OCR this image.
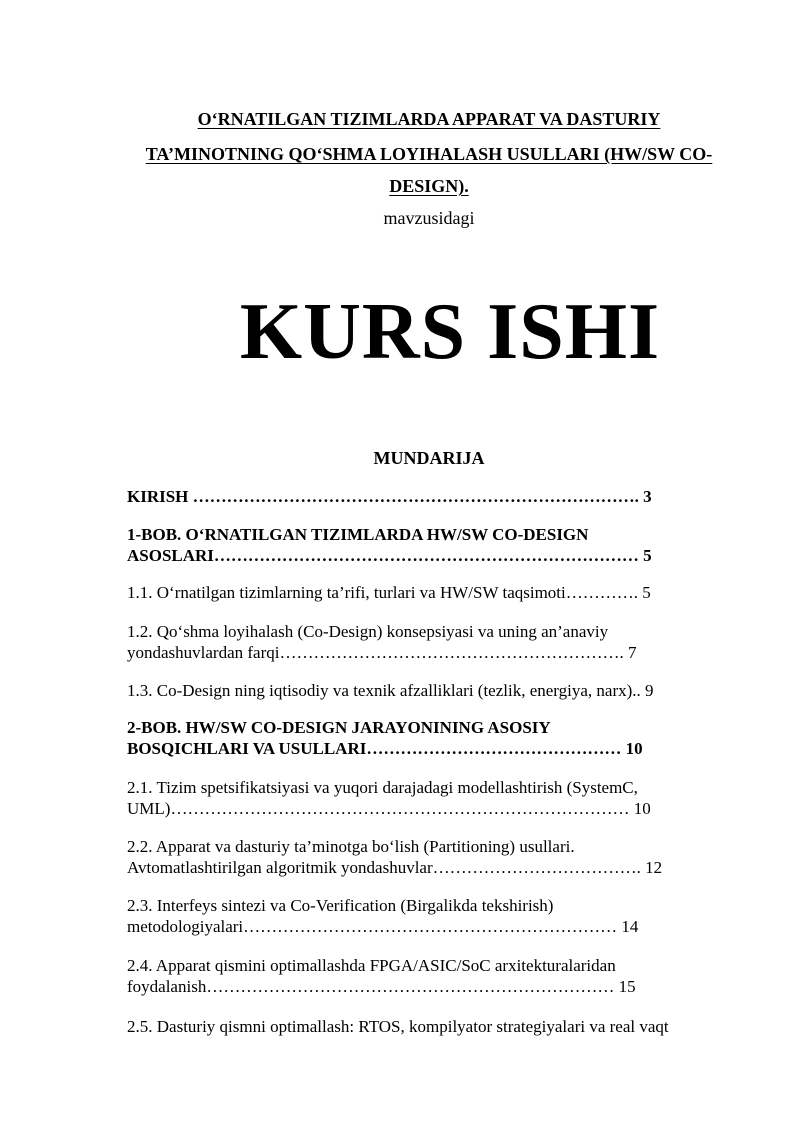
O‘RNATILGAN TIZIMLARDA APPARAT VA DASTURIY
TA’MINOTNING QO‘SHMA LOYIHALASH USULLARI (HW/SW CO-
DESIGN).
mavzusidagi
KURS ISHI
MUNDARIJA
KIRISH ……………………………………………………………………. 3
1-BOB. O‘RNATILGAN TIZIMLARDA HW/SW CO-DESIGN
ASOSLARI………………………………………………………………… 5
1.1. O‘rnatilgan tizimlarning ta’rifi, turlari va HW/SW taqsimoti…………. 5
1.2. Qo‘shma loyihalash (Co-Design) konsepsiyasi va uning an’anaviy
yondashuvlardan farqi……………………………………………………. 7
1.3. Co-Design ning iqtisodiy va texnik afzalliklari (tezlik, energiya, narx).. 9
2-BOB. HW/SW CO-DESIGN JARAYONINING ASOSIY
BOSQICHLARI VA USULLARI……………………………………… 10
2.1. Tizim spetsifikatsiyasi va yuqori darajadagi modellashtirish (SystemC,
UML)……………………………………………………………………… 10
2.2. Apparat va dasturiy ta’minotga bo‘lish (Partitioning) usullari.
Avtomatlashtirilgan algoritmik yondashuvlar………………………………. 12
2.3. Interfeys sintezi va Co-Verification (Birgalikda tekshirish)
metodologiyalari………………………………………………………… 14
2.4. Apparat qismini optimallashda FPGA/ASIC/SoC arxitekturalaridan
foydalanish……………………………………………………………… 15
2.5. Dasturiy qismni optimallash: RTOS, kompilyator strategiyalari va real vaqt
